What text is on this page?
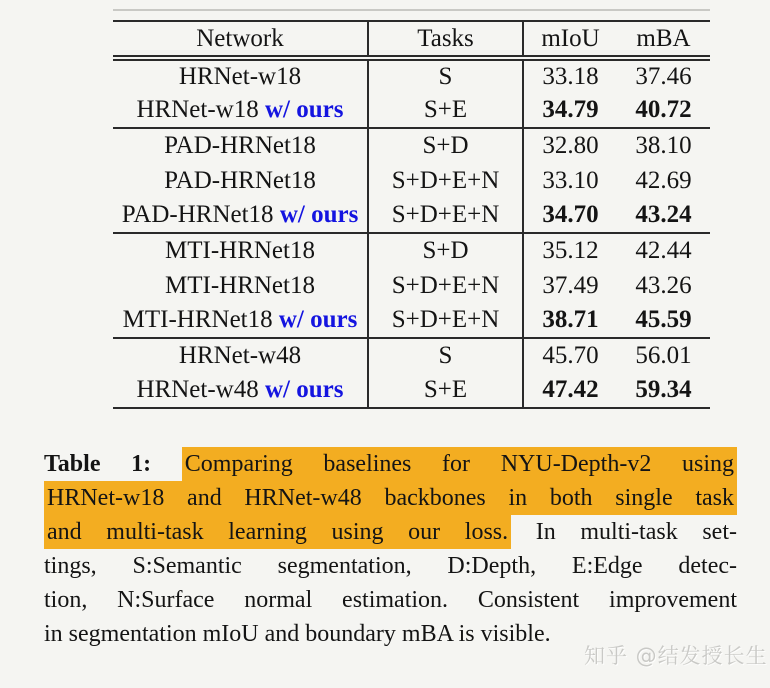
Network	Tasks	mIoU	mBA
HRNet-w18	S	33.18	37.46
HRNet-w18 w/ ours	S+E	34.79	40.72
PAD-HRNet18	S+D	32.80	38.10
PAD-HRNet18	S+D+E+N	33.10	42.69
PAD-HRNet18 w/ ours	S+D+E+N	34.70	43.24
MTI-HRNet18	S+D	35.12	42.44
MTI-HRNet18	S+D+E+N	37.49	43.26
MTI-HRNet18 w/ ours	S+D+E+N	38.71	45.59
HRNet-w48	S	45.70	56.01
HRNet-w48 w/ ours	S+E	47.42	59.34
Table 1: Comparing baselines for NYU-Depth-v2 using
HRNet-w18 and HRNet-w48 backbones in both single task
and multi-task learning using our loss. In multi-task set-
tings, S:Semantic segmentation, D:Depth, E:Edge detec-
tion, N:Surface normal estimation. Consistent improvement
in segmentation mIoU and boundary mBA is visible.
知乎 @结发授长生
